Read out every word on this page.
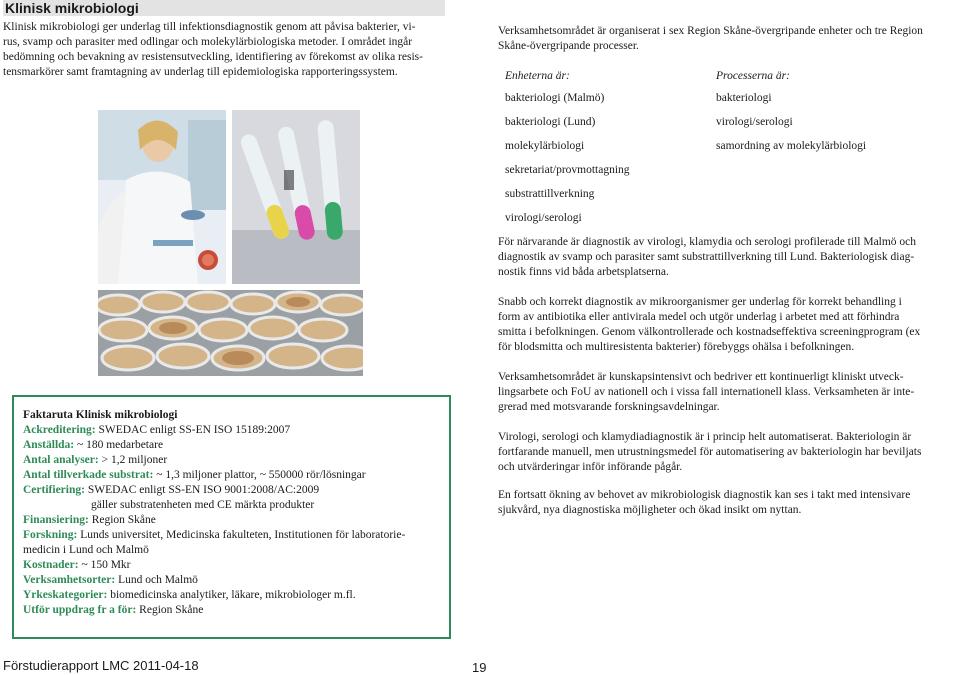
Klinisk mikrobiologi
Klinisk mikrobiologi ger underlag till infektionsdiagnostik genom att påvisa bakterier, vi-
rus, svamp och parasiter med odlingar och molekylärbiologiska metoder. I området ingår
bedömning och bevakning av resistensutveckling, identifiering av förekomst av olika resis-
tensmarkörer samt framtagning av underlag till epidemiologiska rapporteringssystem.
Faktaruta Klinisk mikrobiologi
Ackreditering: SWEDAC enligt SS-EN ISO 15189:2007
Anställda: ~ 180 medarbetare
Antal analyser: > 1,2 miljoner
Antal tillverkade substrat: ~ 1,3 miljoner plattor, ~ 550000 rör/lösningar
Certifiering: SWEDAC enligt SS-EN ISO 9001:2008/AC:2009
gäller substratenheten med CE märkta produkter
Finansiering: Region Skåne
Forskning: Lunds universitet, Medicinska fakulteten, Institutionen för laboratorie-
medicin i Lund och Malmö
Kostnader: ~ 150 Mkr
Verksamhetsorter: Lund och Malmö
Yrkeskategorier: biomedicinska analytiker, läkare, mikrobiologer m.fl.
Utför uppdrag fr a för: Region Skåne
Verksamhetsområdet är organiserat i sex Region Skåne-övergripande enheter och tre Region
Skåne-övergripande processer.
Enheterna är:	Processerna är:
bakteriologi (Malmö)
bakteriologi (Lund)
molekylärbiologi
sekretariat/provmottagning
substrattillverkning
virologi/serologi
bakteriologi
virologi/serologi
samordning av molekylärbiologi
För närvarande är diagnostik av virologi, klamydia och serologi profilerade till Malmö och
diagnostik av svamp och parasiter samt substrattillverkning till Lund. Bakteriologisk diag-
nostik finns vid båda arbetsplatserna.
Snabb och korrekt diagnostik av mikroorganismer ger underlag för korrekt behandling i
form av antibiotika eller antivirala medel och utgör underlag i arbetet med att förhindra
smitta i befolkningen. Genom välkontrollerade och kostnadseffektiva screeningprogram (ex
för blodsmitta och multiresistenta bakterier) förebyggs ohälsa i befolkningen.
Verksamhetsområdet är kunskapsintensivt och bedriver ett kontinuerligt kliniskt utveck-
lingsarbete och FoU av nationell och i vissa fall internationell klass. Verksamheten är inte-
grerad med motsvarande forskningsavdelningar.
Virologi, serologi och klamydiadiagnostik är i princip helt automatiserat. Bakteriologin är
fortfarande manuell, men utrustningsmedel för automatisering av bakteriologin har beviljats
och utvärderingar inför införande pågår.
En fortsatt ökning av behovet av mikrobiologisk diagnostik kan ses i takt med intensivare
sjukvård, nya diagnostiska möjligheter och ökad insikt om nyttan.
Förstudierapport LMC 2011-04-18	19
